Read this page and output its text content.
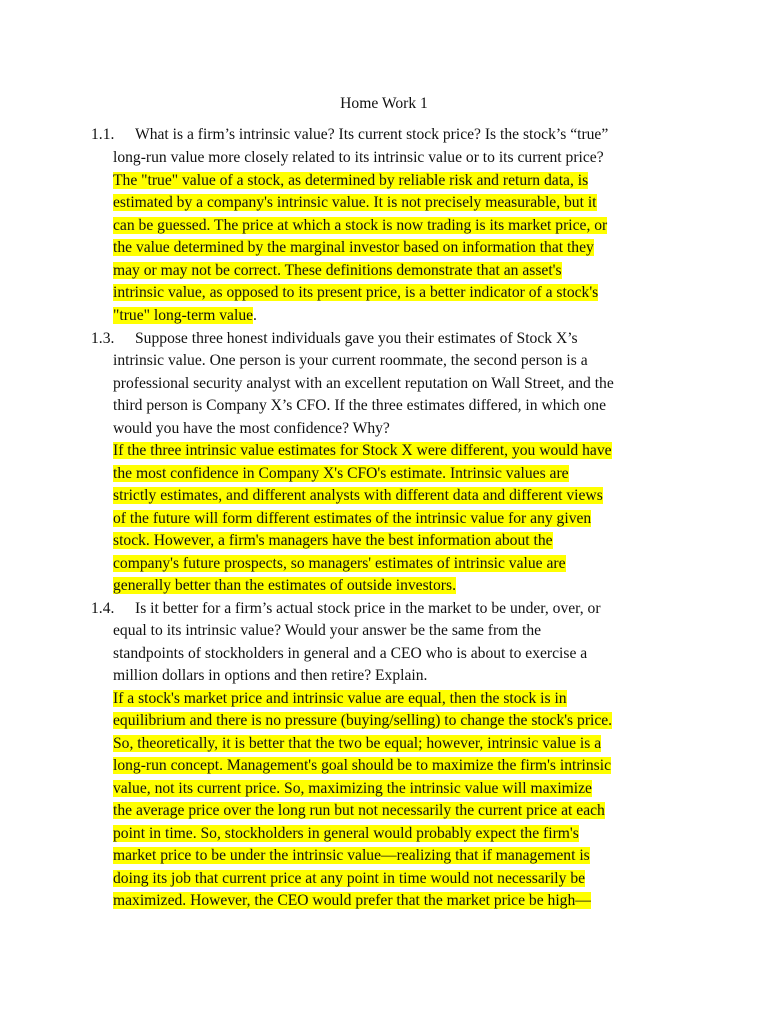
Home Work 1
1.1. What is a firm’s intrinsic value? Its current stock price? Is the stock’s “true”
long-run value more closely related to its intrinsic value or to its current price?
The "true" value of a stock, as determined by reliable risk and return data, is
estimated by a company's intrinsic value. It is not precisely measurable, but it
can be guessed. The price at which a stock is now trading is its market price, or
the value determined by the marginal investor based on information that they
may or may not be correct. These definitions demonstrate that an asset's
intrinsic value, as opposed to its present price, is a better indicator of a stock's
"true" long-term value.
1.3. Suppose three honest individuals gave you their estimates of Stock X’s
intrinsic value. One person is your current roommate, the second person is a
professional security analyst with an excellent reputation on Wall Street, and the
third person is Company X’s CFO. If the three estimates differed, in which one
would you have the most confidence? Why?
If the three intrinsic value estimates for Stock X were different, you would have
the most confidence in Company X's CFO's estimate. Intrinsic values are
strictly estimates, and different analysts with different data and different views
of the future will form different estimates of the intrinsic value for any given
stock. However, a firm's managers have the best information about the
company's future prospects, so managers' estimates of intrinsic value are
generally better than the estimates of outside investors.
1.4. Is it better for a firm’s actual stock price in the market to be under, over, or
equal to its intrinsic value? Would your answer be the same from the
standpoints of stockholders in general and a CEO who is about to exercise a
million dollars in options and then retire? Explain.
If a stock's market price and intrinsic value are equal, then the stock is in
equilibrium and there is no pressure (buying/selling) to change the stock's price.
So, theoretically, it is better that the two be equal; however, intrinsic value is a
long-run concept. Management's goal should be to maximize the firm's intrinsic
value, not its current price. So, maximizing the intrinsic value will maximize
the average price over the long run but not necessarily the current price at each
point in time. So, stockholders in general would probably expect the firm's
market price to be under the intrinsic value—realizing that if management is
doing its job that current price at any point in time would not necessarily be
maximized. However, the CEO would prefer that the market price be high—
